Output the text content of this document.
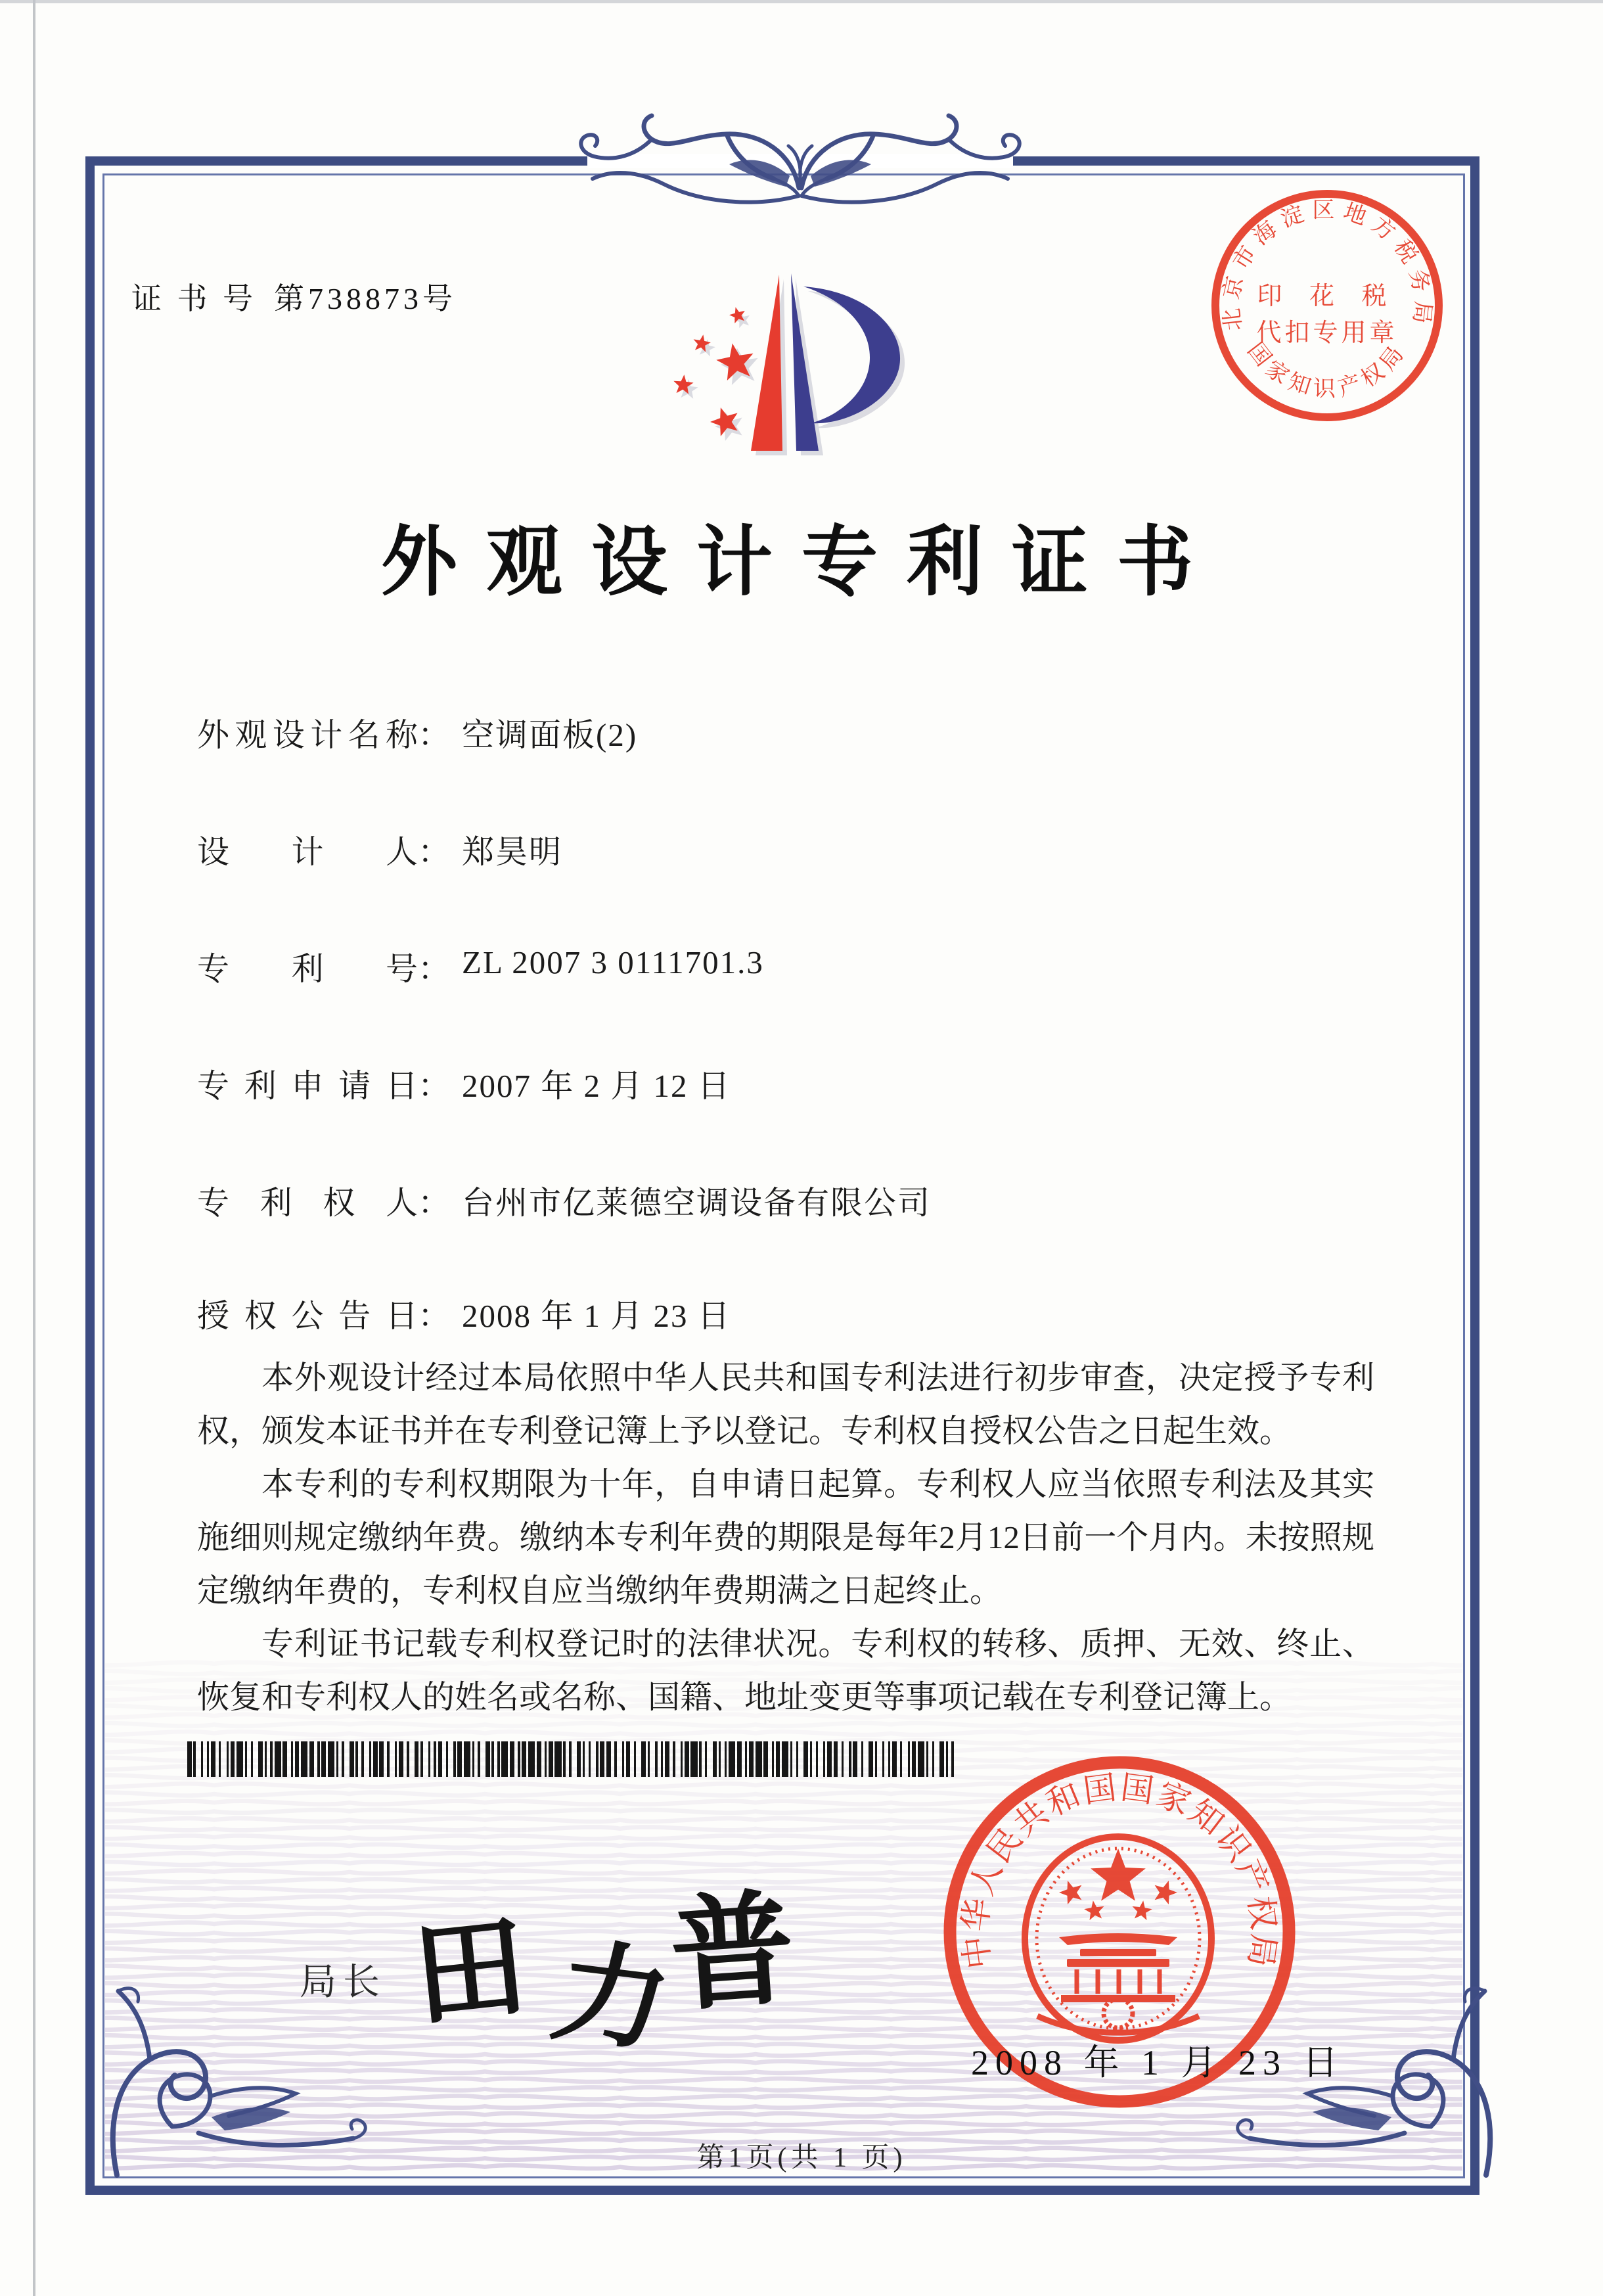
证 书 号 第738873号
北京市海淀区地方税务局
国家知识产权局
印 花 税
代扣专用章
外观设计专利证书
外观设计名称： 空调面板(2)
设计人： 郑昊明
专利号： ZL 2007 3 0111701.3
专利申请日： 2007 年 2 月 12 日
专利权人： 台州市亿莱德空调设备有限公司
授权公告日： 2008 年 1 月 23 日

本外观设计经过本局依照中华人民共和国专利法进行初步审查，决定授予专利权，颁发本证书并在专利登记簿上予以登记。专利权自授权公告之日起生效。

本专利的专利权期限为十年，自申请日起算。专利权人应当依照专利法及其实施细则规定缴纳年费。缴纳本专利年费的期限是每年2月12日前一个月内。未按照规定缴纳年费的，专利权自应当缴纳年费期满之日起终止。

专利证书记载专利权登记时的法律状况。专利权的转移、质押、无效、终止、恢复和专利权人的姓名或名称、国籍、地址变更等事项记载在专利登记簿上。

局长 田 力
普
2008 年 1 月 23 日
中华人民共和国国家知识产权局
第1页(共 1 页)
